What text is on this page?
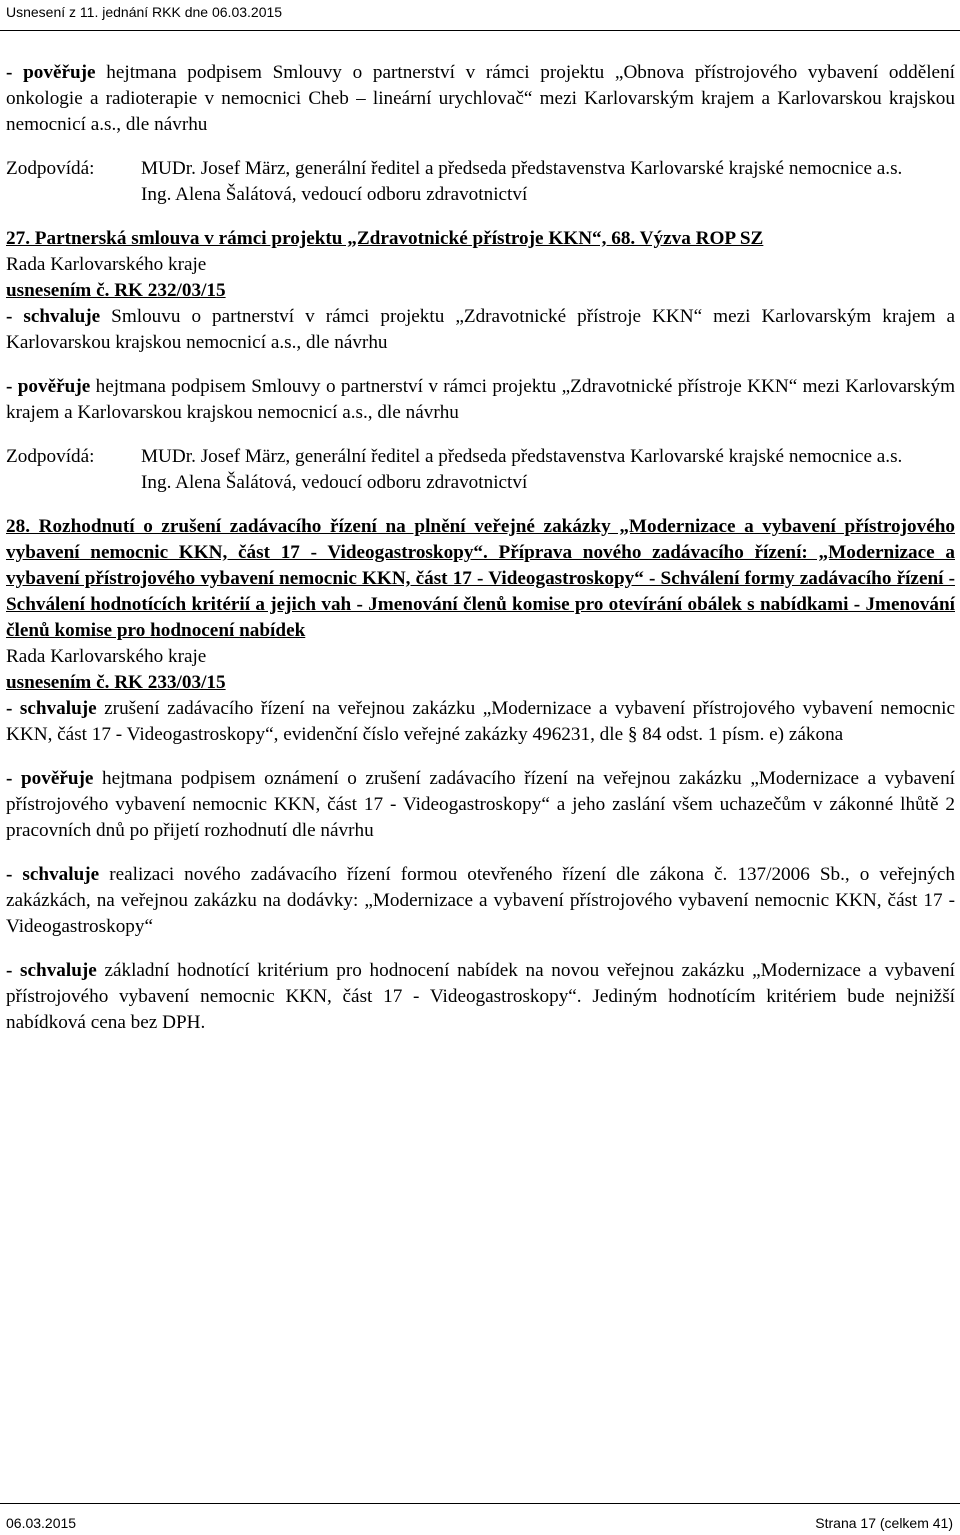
Usnesení z 11. jednání RKK dne 06.03.2015

- pověřuje hejtmana podpisem Smlouvy o partnerství v rámci projektu „Obnova přístrojového vybavení oddělení onkologie a radioterapie v nemocnici Cheb – lineární urychlovač“ mezi Karlovarským krajem a Karlovarskou krajskou nemocnicí a.s., dle návrhu

Zodpovídá:	MUDr. Josef März, generální ředitel a předseda představenstva Karlovarské krajské nemocnice a.s.
Ing. Alena Šalátová, vedoucí odboru zdravotnictví

27. Partnerská smlouva v rámci projektu „Zdravotnické přístroje KKN“, 68. Výzva ROP SZ

Rada Karlovarského kraje

usnesením č. RK 232/03/15

- schvaluje Smlouvu o partnerství v rámci projektu „Zdravotnické přístroje KKN“ mezi Karlovarským krajem a Karlovarskou krajskou nemocnicí a.s., dle návrhu

- pověřuje hejtmana podpisem Smlouvy o partnerství v rámci projektu „Zdravotnické přístroje KKN“ mezi Karlovarským krajem a Karlovarskou krajskou nemocnicí a.s., dle návrhu

Zodpovídá:	MUDr. Josef März, generální ředitel a předseda představenstva Karlovarské krajské nemocnice a.s.
Ing. Alena Šalátová, vedoucí odboru zdravotnictví

28. Rozhodnutí o zrušení zadávacího řízení na plnění veřejné zakázky „Modernizace a vybavení přístrojového vybavení nemocnic KKN, část 17 - Videogastroskopy“. Příprava nového zadávacího řízení: „Modernizace a vybavení přístrojového vybavení nemocnic KKN, část 17 - Videogastroskopy“ - Schválení formy zadávacího řízení - Schválení hodnotících kritérií a jejich vah - Jmenování členů komise pro otevírání obálek s nabídkami - Jmenování členů komise pro hodnocení nabídek

Rada Karlovarského kraje

usnesením č. RK 233/03/15

- schvaluje zrušení zadávacího řízení na veřejnou zakázku „Modernizace a vybavení přístrojového vybavení nemocnic KKN, část 17 - Videogastroskopy“, evidenční číslo veřejné zakázky 496231, dle § 84 odst. 1 písm. e) zákona

- pověřuje hejtmana podpisem oznámení o zrušení zadávacího řízení na veřejnou zakázku „Modernizace a vybavení přístrojového vybavení nemocnic KKN, část 17 - Videogastroskopy“ a jeho zaslání všem uchazečům v zákonné lhůtě 2 pracovních dnů po přijetí rozhodnutí dle návrhu

- schvaluje realizaci nového zadávacího řízení formou otevřeného řízení dle zákona č. 137/2006 Sb., o veřejných zakázkách, na veřejnou zakázku na dodávky: „Modernizace a vybavení přístrojového vybavení nemocnic KKN, část 17 - Videogastroskopy“

- schvaluje základní hodnotící kritérium pro hodnocení nabídek na novou veřejnou zakázku „Modernizace a vybavení přístrojového vybavení nemocnic KKN, část 17 - Videogastroskopy“. Jediným hodnotícím kritériem bude nejnižší nabídková cena bez DPH.

06.03.2015	Strana 17 (celkem 41)
